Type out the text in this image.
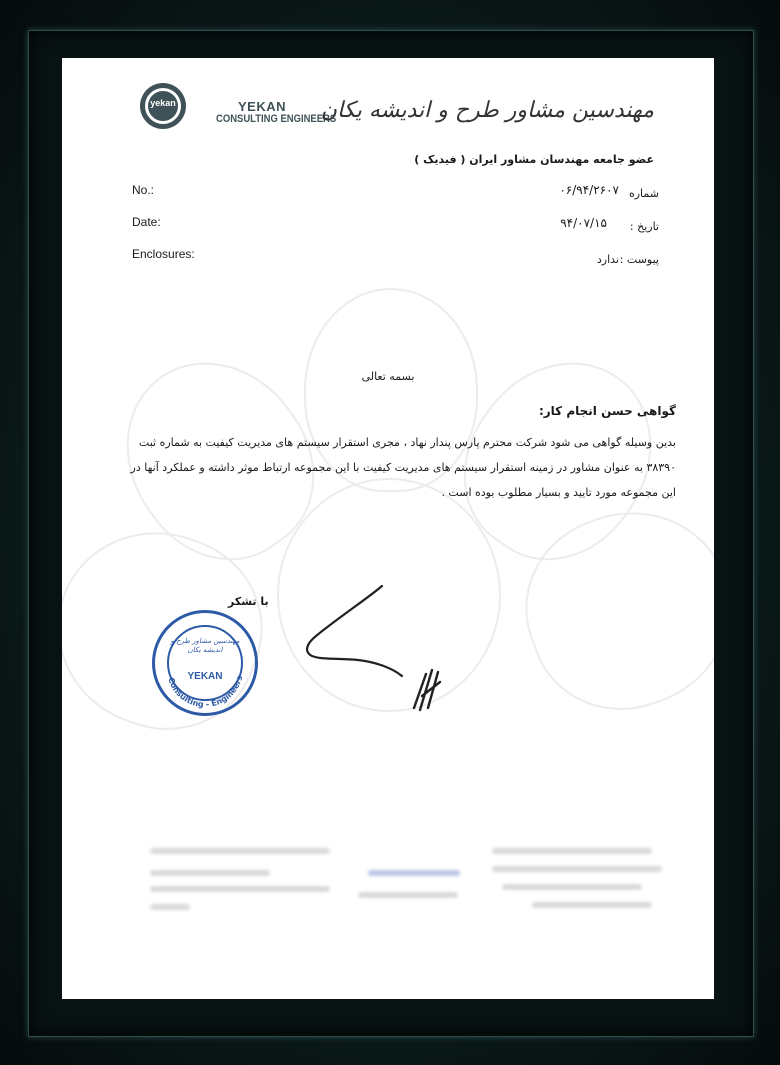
yekan	YEKAN
CONSULTING ENGINEERS
مهندسین مشاور طرح و اندیشه یکان
عضو جامعه مهندسان مشاور ایران ( فیدیک )
No.:
Date:
Enclosures:
شماره
۰۶/۹۴/۲۶۰۷
تاریخ :
۹۴/۰۷/۱۵
پیوست :
ندارد
بسمه تعالی
گواهی حسن انجام کار:
بدین وسیله گواهی می شود شرکت محترم پارس پندار نهاد ، مجری استقرار سیستم های مدیریت کیفیت به شماره ثبت
۳۸۳۹۰ به عنوان مشاور در زمینه استقرار سیستم های مدیریت کیفیت با این مجموعه ارتباط موثر داشته و عملکرد آنها در
این مجموعه مورد تایید و بسیار مطلوب بوده است .
با تشکر
Consulting - Engineers
YEKAN
مهندسین مشاور طرح و اندیشه یکان
